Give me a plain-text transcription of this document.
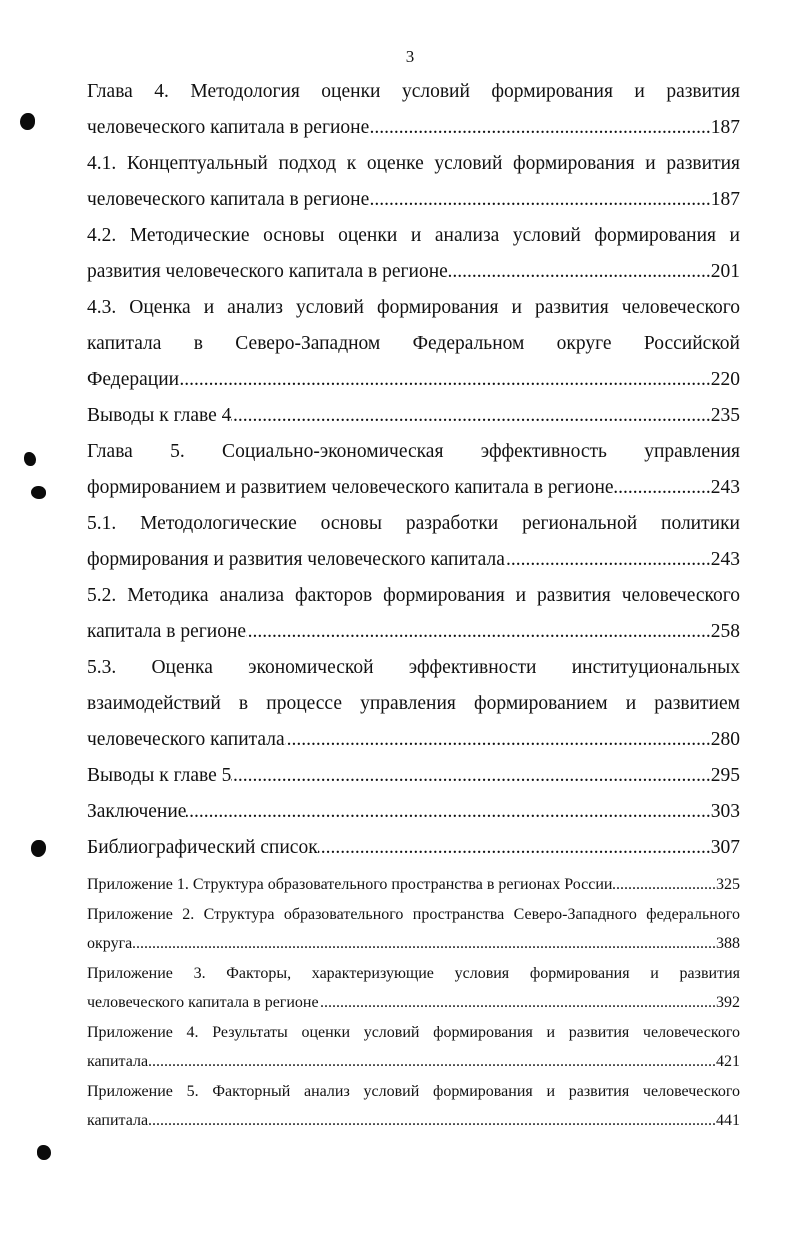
3
Глава 4. Методология оценки условий формирования и развития
человеческого капитала в регионе .....	187
4.1. Концептуальный подход к оценке условий формирования и развития
человеческого капитала в регионе .....	187
4.2. Методические основы оценки и анализа условий формирования и
развития человеческого капитала в регионе .....	201
4.3. Оценка и анализ условий формирования и развития человеческого
капитала в Северо-Западном Федеральном округе Российской
Федерации .....	220
Выводы к главе 4 .....	235
Глава 5. Социально-экономическая эффективность управления
формированием и развитием человеческого капитала в регионе .....	243
5.1. Методологические основы разработки региональной политики
формирования и развития человеческого капитала .....	243
5.2. Методика анализа факторов формирования и развития человеческого
капитала в регионе .....	258
5.3. Оценка экономической эффективности институциональных
взаимодействий в процессе управления формированием и развитием
человеческого капитала .....	280
Выводы к главе 5 .....	295
Заключение .....	303
Библиографический список .....	307
Приложение 1. Структура образовательного пространства в регионах России .....	325
Приложение 2. Структура образовательного пространства Северо-Западного федерального
округа .....	388
Приложение 3. Факторы, характеризующие условия формирования и развития
человеческого капитала в регионе .....	392
Приложение 4. Результаты оценки условий формирования и развития человеческого
капитала .....	421
Приложение 5. Факторный анализ условий формирования и развития человеческого
капитала .....	441
